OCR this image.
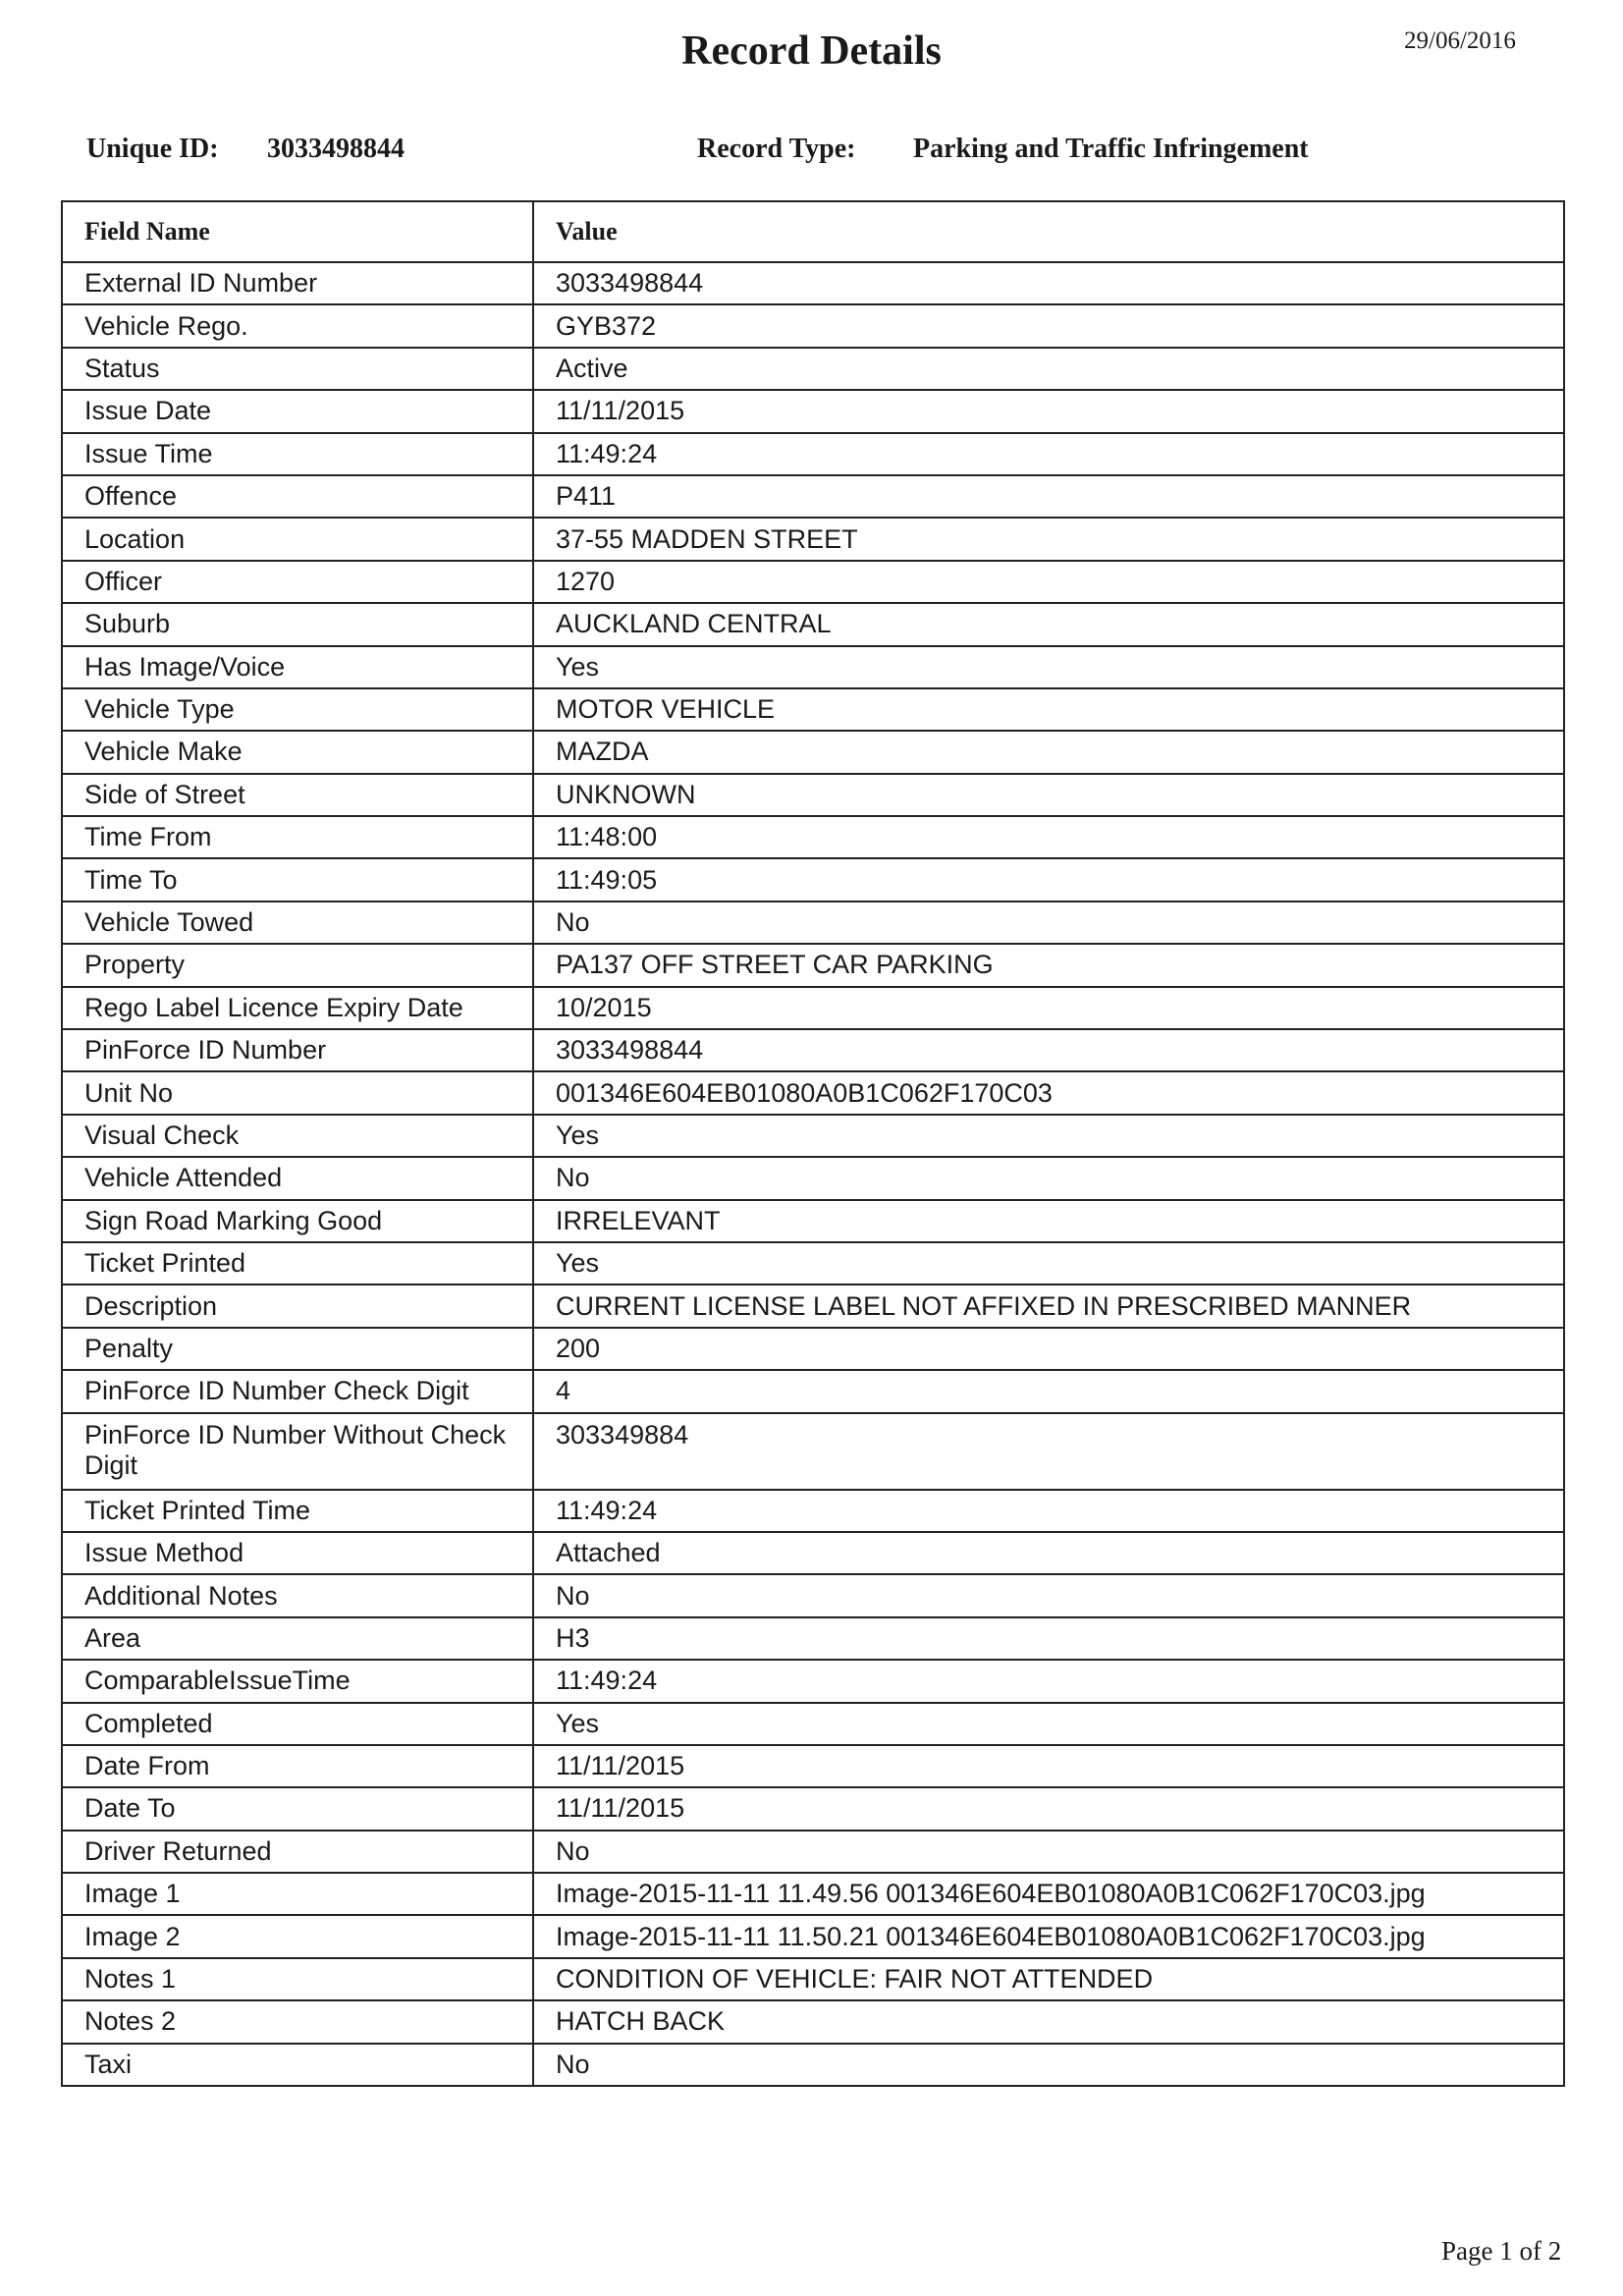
Record Details	29/06/2016
Unique ID: 3033498844	Record Type: Parking and Traffic Infringement
Field Name	Value
External ID Number	3033498844
Vehicle Rego.	GYB372
Status	Active
Issue Date	11/11/2015
Issue Time	11:49:24
Offence	P411
Location	37-55 MADDEN STREET
Officer	1270
Suburb	AUCKLAND CENTRAL
Has Image/Voice	Yes
Vehicle Type	MOTOR VEHICLE
Vehicle Make	MAZDA
Side of Street	UNKNOWN
Time From	11:48:00
Time To	11:49:05
Vehicle Towed	No
Property	PA137 OFF STREET CAR PARKING
Rego Label Licence Expiry Date	10/2015
PinForce ID Number	3033498844
Unit No	001346E604EB01080A0B1C062F170C03
Visual Check	Yes
Vehicle Attended	No
Sign Road Marking Good	IRRELEVANT
Ticket Printed	Yes
Description	CURRENT LICENSE LABEL NOT AFFIXED IN PRESCRIBED MANNER
Penalty	200
PinForce ID Number Check Digit	4
PinForce ID Number Without Check Digit	303349884
Ticket Printed Time	11:49:24
Issue Method	Attached
Additional Notes	No
Area	H3
ComparableIssueTime	11:49:24
Completed	Yes
Date From	11/11/2015
Date To	11/11/2015
Driver Returned	No
Image 1	Image-2015-11-11 11.49.56 001346E604EB01080A0B1C062F170C03.jpg
Image 2	Image-2015-11-11 11.50.21 001346E604EB01080A0B1C062F170C03.jpg
Notes 1	CONDITION OF VEHICLE: FAIR NOT ATTENDED
Notes 2	HATCH BACK
Taxi	No
Page 1 of 2
